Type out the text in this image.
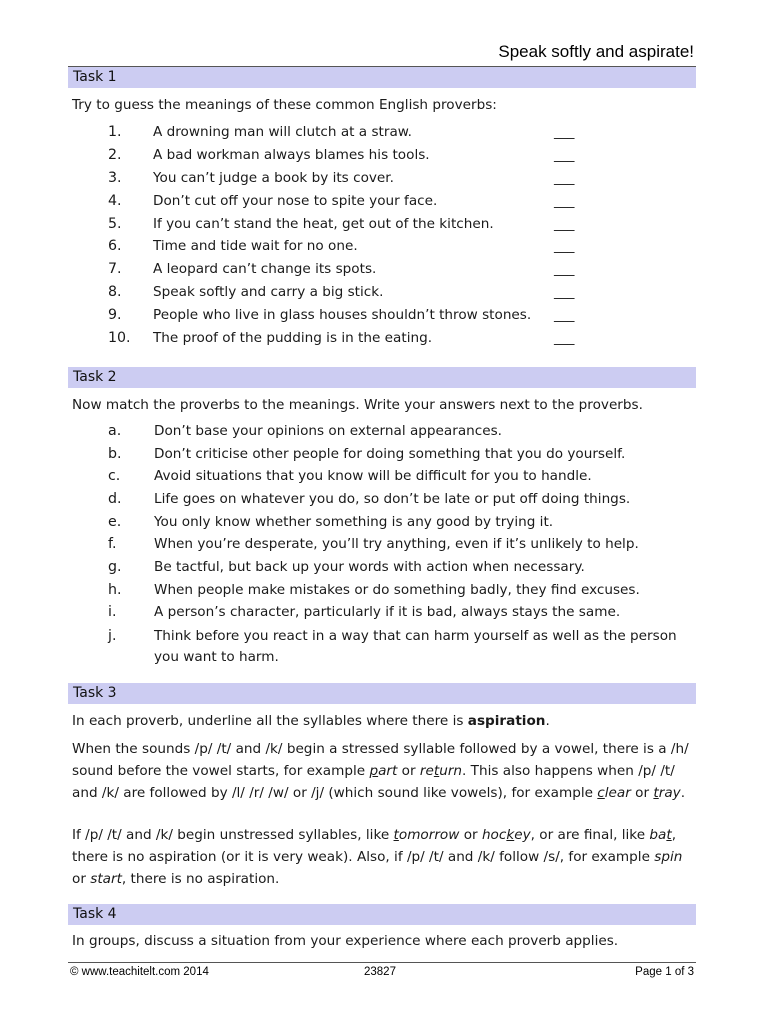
Speak softly and aspirate!
Task 1

Try to guess the meanings of these common English proverbs:

1. A drowning man will clutch at a straw.	___
2. A bad workman always blames his tools.	___
3. You can’t judge a book by its cover.	___
4. Don’t cut off your nose to spite your face.	___
5. If you can’t stand the heat, get out of the kitchen.	___
6. Time and tide wait for no one.	___
7. A leopard can’t change its spots.	___
8. Speak softly and carry a big stick.	___
9. People who live in glass houses shouldn’t throw stones. ___
10. The proof of the pudding is in the eating.	___
Task 2

Now match the proverbs to the meanings. Write your answers next to the proverbs.

a. Don’t base your opinions on external appearances.
b. Don’t criticise other people for doing something that you do yourself.
c. Avoid situations that you know will be difficult for you to handle.
d. Life goes on whatever you do, so don’t be late or put off doing things.
e. You only know whether something is any good by trying it.
f.	When you’re desperate, you’ll try anything, even if it’s unlikely to help.
g. Be tactful, but back up your words with action when necessary.
h. When people make mistakes or do something badly, they find excuses.
i.	A person’s character, particularly if it is bad, always stays the same.
j.	Think before you react in a way that can harm yourself as well as the person you want to harm.
Task 3

In each proverb, underline all the syllables where there is aspiration.

When the sounds /p/ /t/ and /k/ begin a stressed syllable followed by a vowel, there is a /h/ sound before the vowel starts, for example part or return. This also happens when /p/ /t/ and /k/ are followed by /l/ /r/ /w/ or /j/ (which sound like vowels), for example clear or tray.

If /p/ /t/ and /k/ begin unstressed syllables, like tomorrow or hockey, or are final, like bat, there is no aspiration (or it is very weak). Also, if /p/ /t/ and /k/ follow /s/, for example spin or start, there is no aspiration.

Task 4

In groups, discuss a situation from your experience where each proverb applies.

© www.teachitelt.com 2014	23827	Page 1 of 3
